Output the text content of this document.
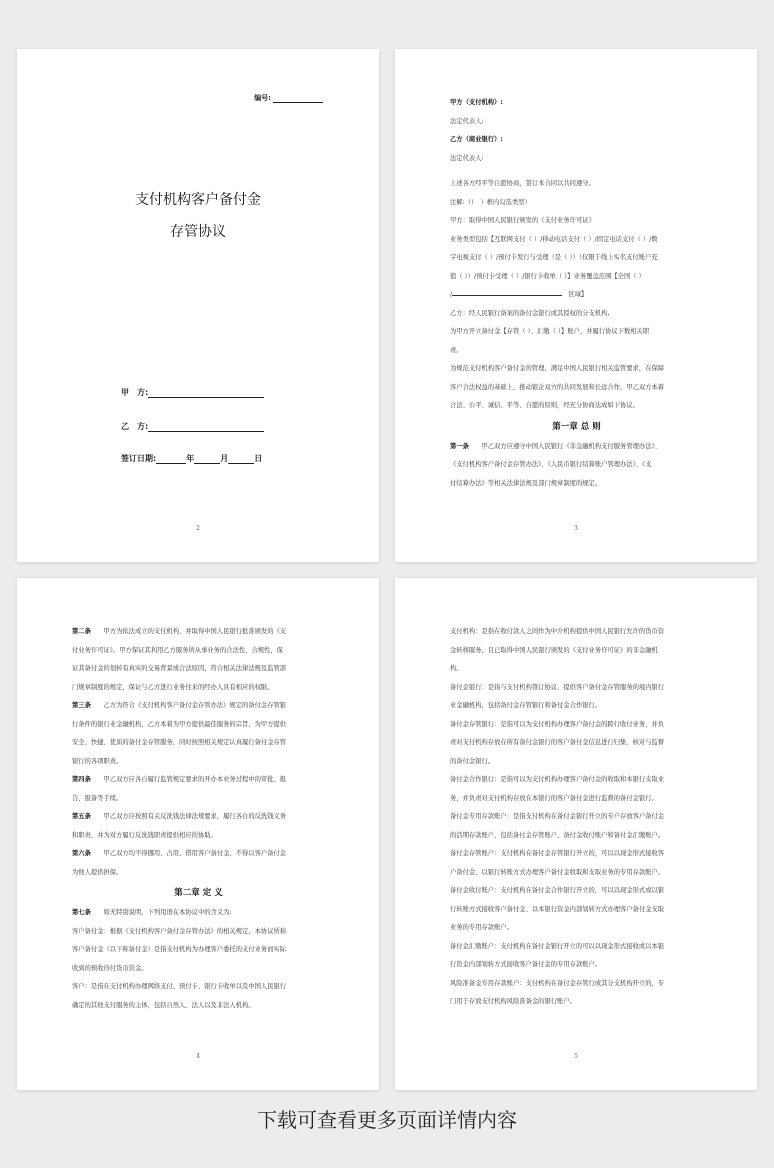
编号:
支付机构客户备付金
存管协议
甲　方:
乙　方:
签订日期:	年	月	日
2

甲方（支付机构）:

法定代表人:

乙方（商业银行）:

法定代表人:

上述各方经平等自愿协商，签订本合同以共同遵守。

注解:（（　）框内勾选类型）

甲方：取得中国人民银行颁发的《支付业务许可证》

业务类型包括【互联网支付（ ）/移动电话支付（ ）/固定电话支付（ ）/数

字电视支付（ ）/预付卡发行与受理（是（ ））（仅限于线上实名支付账户充

值（ ））/预付卡受理（ ）/银行卡收单（ ）】业务覆盖范围【全国（ ）

/　	区域】

乙方：经人民银行备案的备付金银行或其授权的分支机构,

为甲方开立备付金【存管（ ）、汇缴（ ）】账户，并履行协议下数相关职

责。

为规范支付机构客户备付金的管理，满足中国人民银行相关监管要求，在保障

客户合法权益的基础上，推动银企双方的共同发展和长远合作，甲乙双方本着

合法、公平、诚信、平等、自愿的原则，经充分协商达成如下协议。

第一章 总 则

第一条　　 甲乙双方应遵守中国人民银行《非金融机构支付服务管理办法》、

《支付机构客户备付金存管办法》、《人民币银行结算账户管理办法》、《支

付结算办法》等相关法律法规及部门规章制度的规定。

3

第二条　　 甲方为依法成立的支付机构，并取得中国人民银行批准颁发的《支

付业务许可证》。甲方保证其利用乙方服务所从事业务的合法性、合规性，保

证其备付金的划转有真实的交易背景或合法原因，符合相关法律法规及监管部

门规章制度的规定，保证与乙方进行业务往来的经办人具有相应的权限。

第三条　　 乙方为符合《支付机构客户备付金存管办法》规定的备付金存管银

行条件的银行业金融机构，乙方本着为甲方提供最佳服务的宗旨，为甲方提供

安全、快捷、优质的备付金存管服务，同时按照相关规定认真履行备付金存管

银行的各项职责。

第四条　　 甲乙双方应各自履行监管规定要求的开办本业务过程中的审批、报

告、报备等手续。

第五条　　 甲乙双方应按照有关反洗钱法律法规要求，履行各自的反洗钱义务

和职责，并为对方履行反洗钱职责提供相应的协助。

第六条　　 甲乙双方均不得挪用、占用、借用客户备付金，不得以客户备付金

为他人提供担保。

第二章 定 义

第七条　　 如无特别说明，下列用语在本协议中的含义为:

客户备付金：根据《支付机构客户备付金存管办法》的相关规定，本协议所称

客户备付金（以下称备付金）是指支付机构为办理客户委托的支付业务而实际

收到的预收待付货币资金。

客户：是指在支付机构办理网络支付、预付卡、银行卡收单以及中国人民银行

确定的其他支付服务的主体，包括自然人、法人以及非法人机构。

4

支付机构：是指在收付款人之间作为中介机构提供中国人民银行允许的货币资

金转移服务，且已取得中国人民银行颁发的《支付业务许可证》的非金融机

构。

备付金银行：是指与支付机构签订协议、提供客户备付金存管服务的境内银行

业金融机构，包括备付金存管银行和备付金合作银行。

备付金存管银行：是指可以为支付机构办理客户备付金的跨行收付业务，并负

责对支付机构存放在所有备付金银行的客户备付金信息进行归集、核对与监督

的备付金银行。

备付金合作银行：是指可以为支付机构办理客户备付金的收取和本银行支取业

务，并负责对支付机构存放在本银行的客户备付金进行监督的备付金银行。

备付金专用存款账户：是指支付机构在备付金银行开立的专户存放客户备付金

的活期存款账户，包括备付金存管账户、备付金收付账户和备付金汇缴账户。

备付金存管账户：支付机构在备付金存管银行开立的，可以以现金形式接收客

户备付金、以银行转账方式办理客户备付金收取和支取业务的专用存款账户。

备付金收付账户：支付机构在备付金合作银行开立的，可以以现金形式或以银

行转账方式接收客户备付金、以本银行资金内部划转方式办理客户备付金支取

业务的专用存款账户。

备付金汇缴账户：支付机构在备付金银行开立的可以以现金形式接收或以本银

行资金内部划转方式接收客户备付金的专用存款账户。

风险准备金专用存款账户：支付机构在备付金存管行或其分支机构开立的，专

门用于存放支付机构风险准备金的银行账户。

5
下载可查看更多页面详情内容
